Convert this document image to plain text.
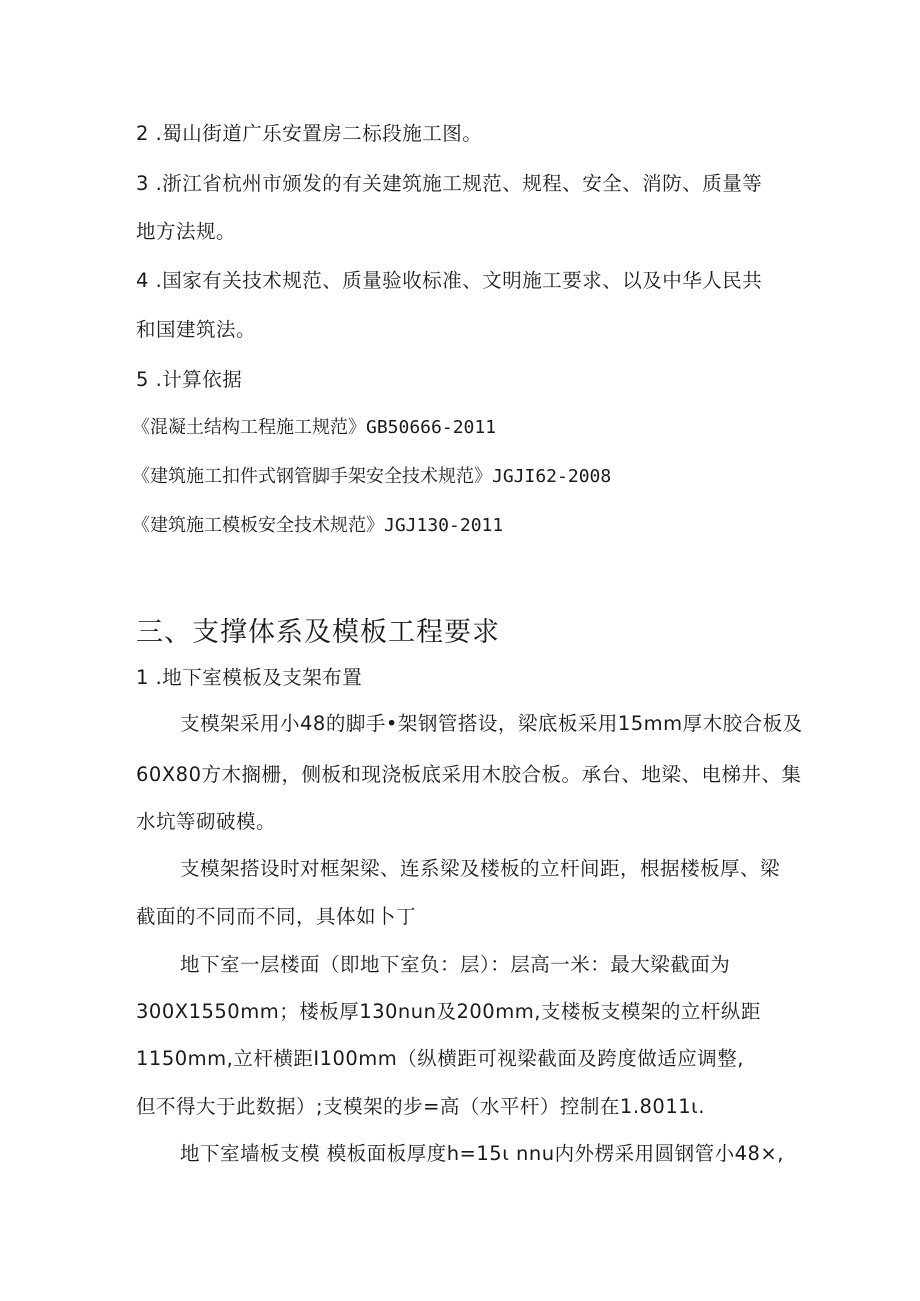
2 .蜀山街道广乐安置房二标段施工图。
3 .浙江省杭州市颁发的有关建筑施工规范、规程、安全、消防、质量等
地方法规。
4 .国家有关技术规范、质量验收标准、文明施工要求、以及中华人民共
和国建筑法。
5 .计算依据
《混凝土结构工程施工规范》GB50666-2011
《建筑施工扣件式钢管脚手架安全技术规范》JGJI62-2008
《建筑施工模板安全技术规范》JGJ130-2011
三、支撑体系及模板工程要求
1 .地下室模板及支架布置
支模架采用小48的脚手•架钢管搭设，梁底板采用15mm厚木胶合板及
60X80方木搁栅，侧板和现浇板底采用木胶合板。承台、地梁、电梯井、集
水坑等砌破模。
支模架搭设时对框架梁、连系梁及楼板的立杆间距，根据楼板厚、梁
截面的不同而不同，具体如卜丁
地下室一层楼面（即地下室负：层）：层高一米：最大梁截面为
300X1550mm；楼板厚130nun及200mm,支楼板支模架的立杆纵距
1150mm,立杆横距I100mm（纵横距可视梁截面及跨度做适应调整,
但不得大于此数据）;支模架的步=高（水平杆）控制在1.8011ι.
地下室墙板支模 模板面板厚度h=15ι nnu内外楞采用圆钢管小48×,
